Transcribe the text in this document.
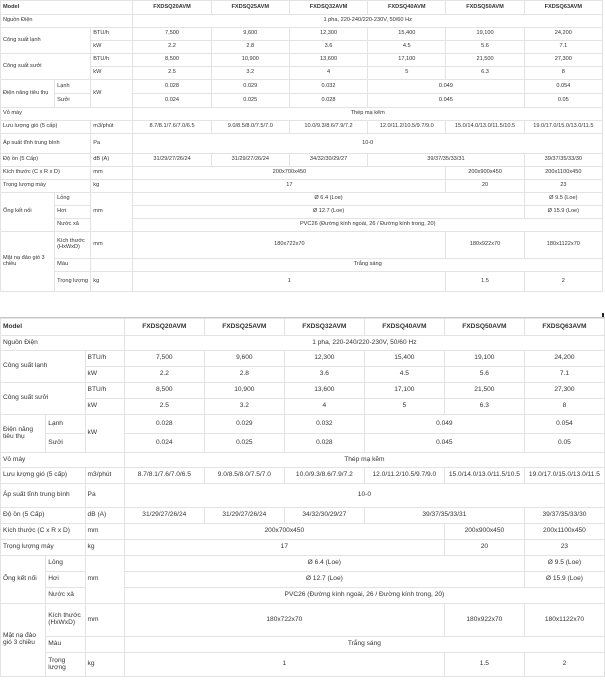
Model			FXDSQ20AVM	FXDSQ25AVM	FXDSQ32AVM	FXDSQ40AVM	FXDSQ50AVM	FXDSQ63AVM
Nguồn Điện			1 pha, 220-240/220-230V, 50/60 Hz					
Công suất lạnh		BTU/h	7,500	9,600	12,300	15,400	19,100	24,200
		kW	2.2	2.8	3.6	4.5	5.6	7.1
Công suất sưởi		BTU/h	8,500	10,900	13,600	17,100	21,500	27,300
		kW	2.5	3.2	4	5	6.3	8
Điện năng tiêu thụ	Lạnh	kW	0.028	0.029	0.032	0.049		0.054
	Sưởi		0.024	0.025	0.028	0.045		0.05
Vỏ máy			Thép mạ kẽm					
Lưu lượng gió (5 cấp)		m3/phút	8.7/8.1/7.6/7.0/6.5	9.0/8.5/8.0/7.5/7.0	10.0/9.3/8.6/7.9/7.2	12.0/11.2/10.5/9.7/9.0	15.0/14.0/13.0/11.5/10.5	19.0/17.0/15.0/13.0/11.5
Áp suất tĩnh trung bình		Pa	10-0					
Độ ồn (5 Cấp)		dB (A)	31/29/27/26/24	31/29/27/26/24	34/32/30/29/27	39/37/35/33/31		39/37/35/33/30
Kích thước (C x R x D)		mm	200x700x450				200x900x450	200x1100x450
Trọng lượng máy		kg	17				20	23
Ống kết nối	Lỏng	mm	Ø 6.4 (Loe)					Ø 9.5 (Loe)
	Hơi		Ø 12.7 (Loe)					Ø 15.9 (Loe)
	Nước xả		PVC26 (Đường kính ngoài, 26 / Đường kính trong, 20)					
Mặt nạ đảo gió 3 chiều	Kích thước (HxWxD)	mm	180x722x70				180x922x70	180x1122x70
	Màu		Trắng sáng					
	Trọng lượng	kg	1				1.5	2
Model			FXDSQ20AVM	FXDSQ25AVM	FXDSQ32AVM	FXDSQ40AVM	FXDSQ50AVM	FXDSQ63AVM
Nguồn Điện			1 pha, 220-240/220-230V, 50/60 Hz					
Công suất lạnh		BTU/h	7,500	9,600	12,300	15,400	19,100	24,200
		kW	2.2	2.8	3.6	4.5	5.6	7.1
Công suất sưởi		BTU/h	8,500	10,900	13,600	17,100	21,500	27,300
		kW	2.5	3.2	4	5	6.3	8
Điện năng tiêu thụ	Lạnh	kW	0.028	0.029	0.032	0.049		0.054
	Sưởi		0.024	0.025	0.028	0.045		0.05
Vỏ máy			Thép mạ kẽm					
Lưu lượng gió (5 cấp)		m3/phút	8.7/8.1/7.6/7.0/6.5	9.0/8.5/8.0/7.5/7.0	10.0/9.3/8.6/7.9/7.2	12.0/11.2/10.5/9.7/9.0	15.0/14.0/13.0/11.5/10.5	19.0/17.0/15.0/13.0/11.5
Áp suất tĩnh trung bình		Pa	10-0					
Độ ồn (5 Cấp)		dB (A)	31/29/27/26/24	31/29/27/26/24	34/32/30/29/27	39/37/35/33/31		39/37/35/33/30
Kích thước (C x R x D)		mm	200x700x450				200x900x450	200x1100x450
Trọng lượng máy		kg	17				20	23
Ống kết nối	Lỏng	mm	Ø 6.4 (Loe)					Ø 9.5 (Loe)
	Hơi		Ø 12.7 (Loe)					Ø 15.9 (Loe)
	Nước xả		PVC26 (Đường kính ngoài, 26 / Đường kính trong, 20)					
Mặt nạ đảo gió 3 chiều	Kích thước (HxWxD)	mm	180x722x70				180x922x70	180x1122x70
	Màu		Trắng sáng					
	Trọng lượng	kg	1				1.5	2
